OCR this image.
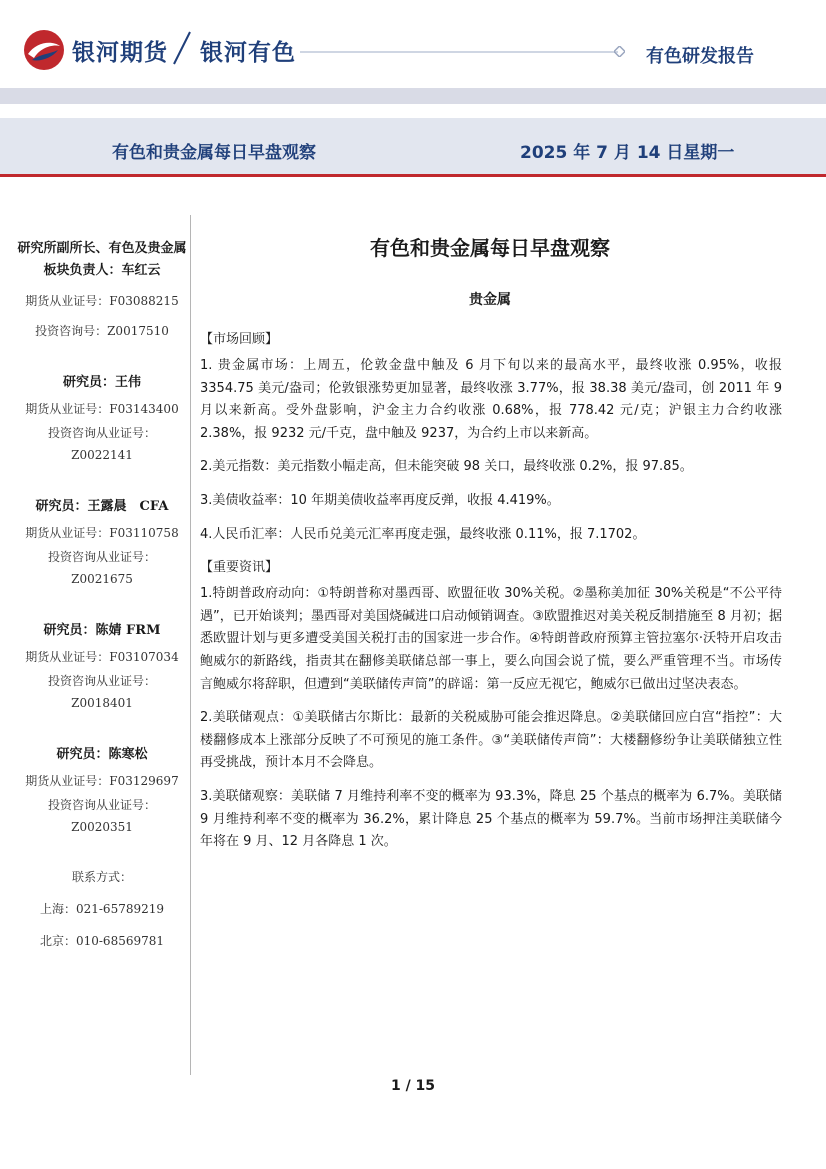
银河期货 银河有色	有色研发报告
有色和贵金属每日早盘观察	2025 年 7 月 14 日星期一
研究所副所长、有色及贵金属板块负责人：车红云
期货从业证号：F03088215
投资咨询号：Z0017510
研究员：王伟
期货从业证号：F03143400
投资咨询从业证号：
Z0022141
研究员：王露晨　CFA
期货从业证号：F03110758
投资咨询从业证号：
Z0021675
研究员：陈婧 FRM
期货从业证号：F03107034
投资咨询从业证号：
Z0018401
研究员：陈寒松
期货从业证号：F03129697
投资咨询从业证号：
Z0020351
联系方式：
上海：021-65789219
北京：010-68569781
有色和贵金属每日早盘观察
贵金属
【市场回顾】

1. 贵金属市场：上周五，伦敦金盘中触及 6 月下旬以来的最高水平，最终收涨 0.95%，收报 3354.75 美元/盎司；伦敦银涨势更加显著，最终收涨 3.77%，报 38.38 美元/盎司，创 2011 年 9 月以来新高。受外盘影响，沪金主力合约收涨 0.68%，报 778.42 元/克；沪银主力合约收涨 2.38%，报 9232 元/千克，盘中触及 9237，为合约上市以来新高。

2.美元指数：美元指数小幅走高，但未能突破 98 关口，最终收涨 0.2%，报 97.85。

3.美债收益率：10 年期美债收益率再度反弹，收报 4.419%。

4.人民币汇率：人民币兑美元汇率再度走强，最终收涨 0.11%，报 7.1702。

【重要资讯】

1.特朗普政府动向：①特朗普称对墨西哥、欧盟征收 30%关税。②墨称美加征 30%关税是“不公平待遇”，已开始谈判；墨西哥对美国烧碱进口启动倾销调查。③欧盟推迟对美关税反制措施至 8 月初；据悉欧盟计划与更多遭受美国关税打击的国家进一步合作。④特朗普政府预算主管拉塞尔·沃特开启攻击鲍威尔的新路线，指责其在翻修美联储总部一事上，要么向国会说了慌，要么严重管理不当。市场传言鲍威尔将辞职，但遭到“美联储传声筒”的辟谣：第一反应无视它，鲍威尔已做出过坚决表态。

2.美联储观点：①美联储古尔斯比：最新的关税威胁可能会推迟降息。②美联储回应白宫“指控”：大楼翻修成本上涨部分反映了不可预见的施工条件。③“美联储传声筒”：大楼翻修纷争让美联储独立性再受挑战，预计本月不会降息。

3.美联储观察：美联储 7 月维持利率不变的概率为 93.3%，降息 25 个基点的概率为 6.7%。美联储 9 月维持利率不变的概率为 36.2%，累计降息 25 个基点的概率为 59.7%。当前市场押注美联储今年将在 9 月、12 月各降息 1 次。

1 / 15
